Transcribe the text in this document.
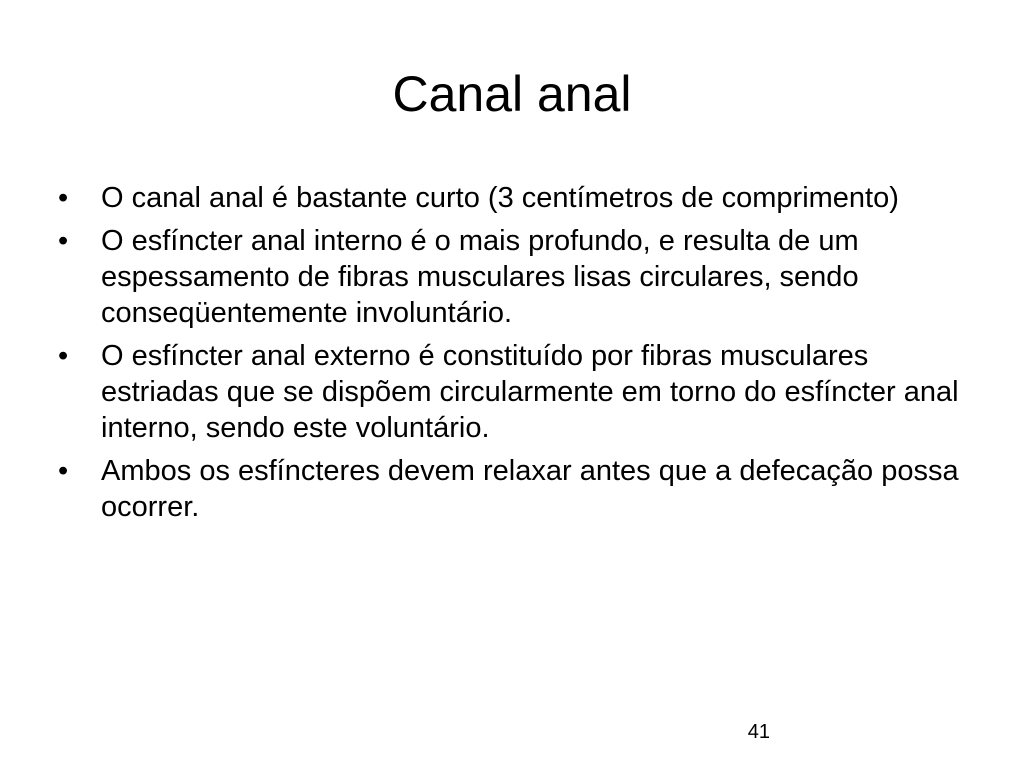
Canal anal
• O canal anal é bastante curto (3 centímetros de comprimento)
• O esfíncter anal interno é o mais profundo, e resulta de um espessamento de fibras musculares lisas circulares, sendo conseqüentemente involuntário.
• O esfíncter anal externo é constituído por fibras musculares estriadas que se dispõem circularmente em torno do esfíncter anal interno, sendo este voluntário.
• Ambos os esfíncteres devem relaxar antes que a defecação possa ocorrer.
41
